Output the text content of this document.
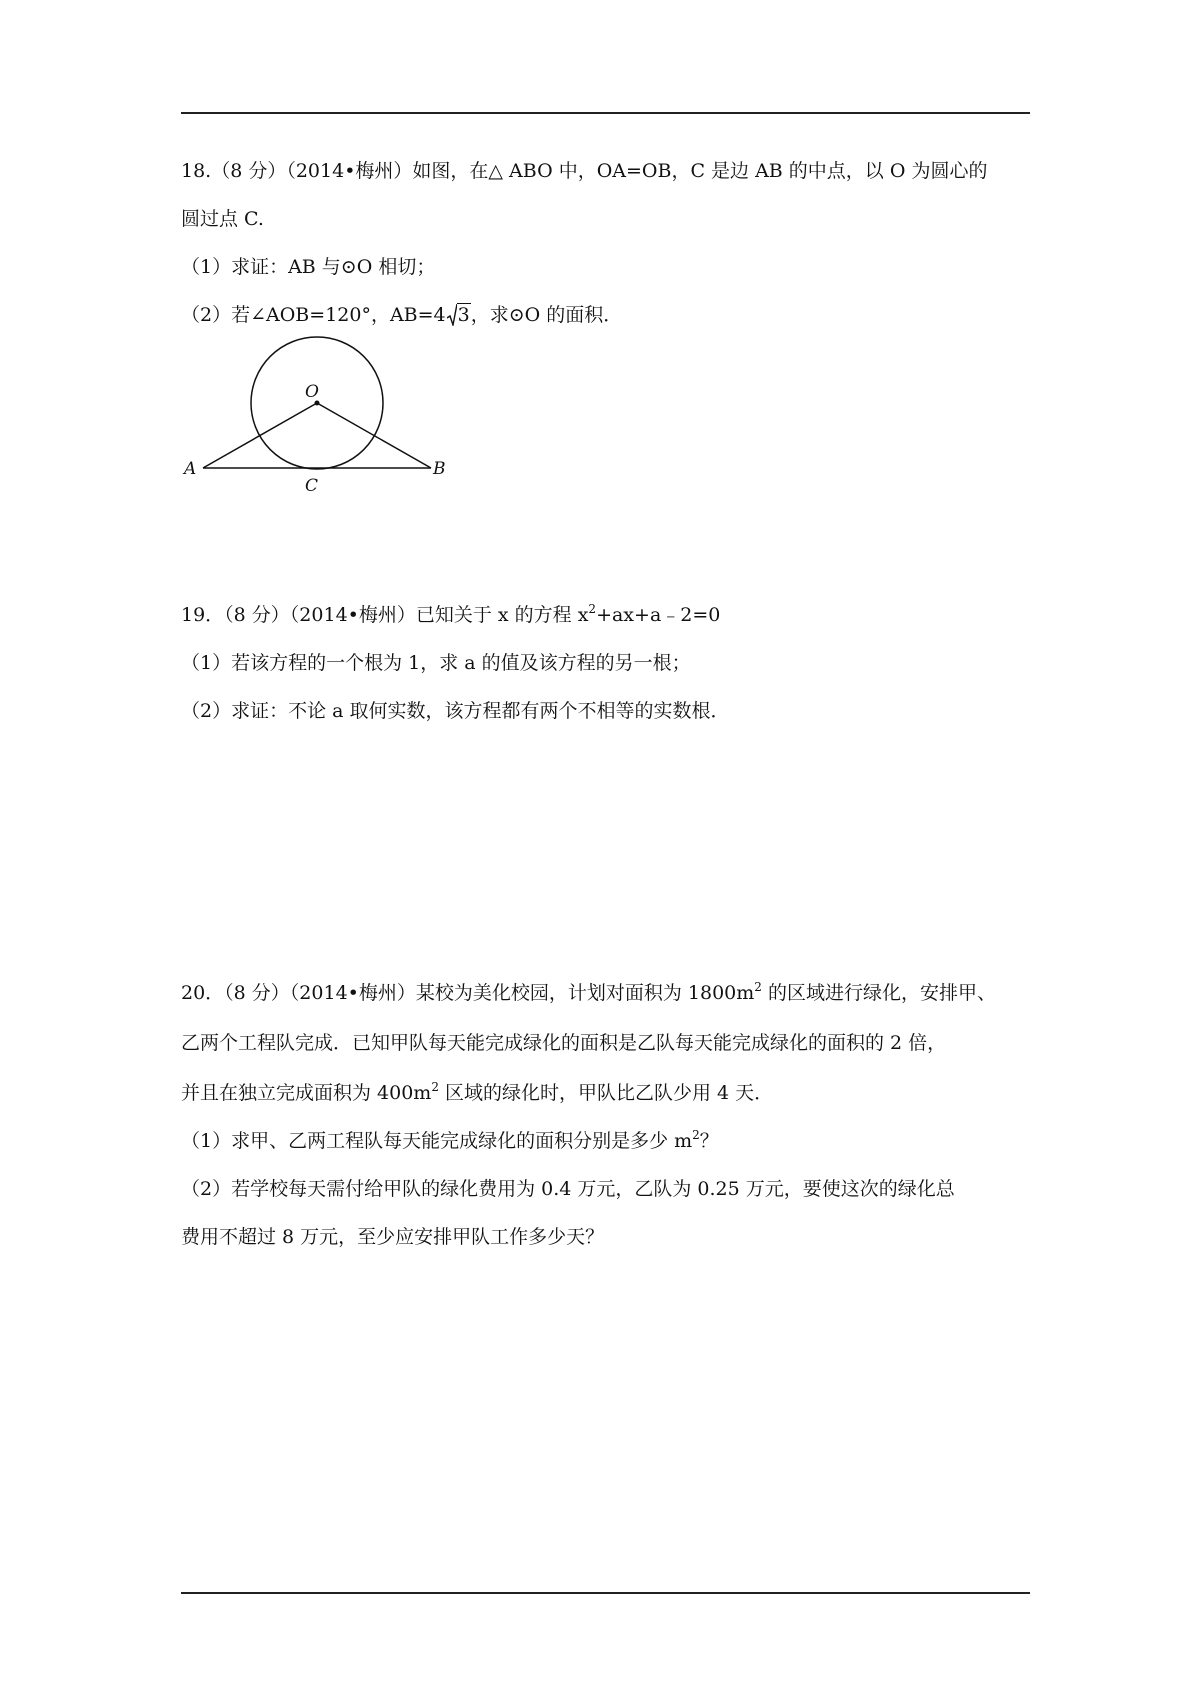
18.（8 分）（2014•梅州）如图，在△ ABO 中，OA=OB，C 是边 AB 的中点，以 O 为圆心的
圆过点 C.
（1）求证：AB 与⊙O 相切；
（2）若∠AOB=120°，AB=4 3，求⊙O 的面积．
O
A	B
C
19．（8 分）（2014•梅州）已知关于 x 的方程 $x^2+ax+a﹣2=0$
（1）若该方程的一个根为 1，求 a 的值及该方程的另一根；
（2）求证：不论 a 取何实数，该方程都有两个不相等的实数根．
20．（8 分）（2014•梅州）某校为美化校园，计划对面积为 $1800m^2$ 的区域进行绿化，安排甲、
乙两个工程队完成．已知甲队每天能完成绿化的面积是乙队每天能完成绿化的面积的 2 倍，
并且在独立完成面积为 $400m^2$ 区域的绿化时，甲队比乙队少用 4 天．
（1）求甲、乙两工程队每天能完成绿化的面积分别是多少 $m^2$？
（2）若学校每天需付给甲队的绿化费用为 0.4 万元，乙队为 0.25 万元，要使这次的绿化总
费用不超过 8 万元，至少应安排甲队工作多少天？
